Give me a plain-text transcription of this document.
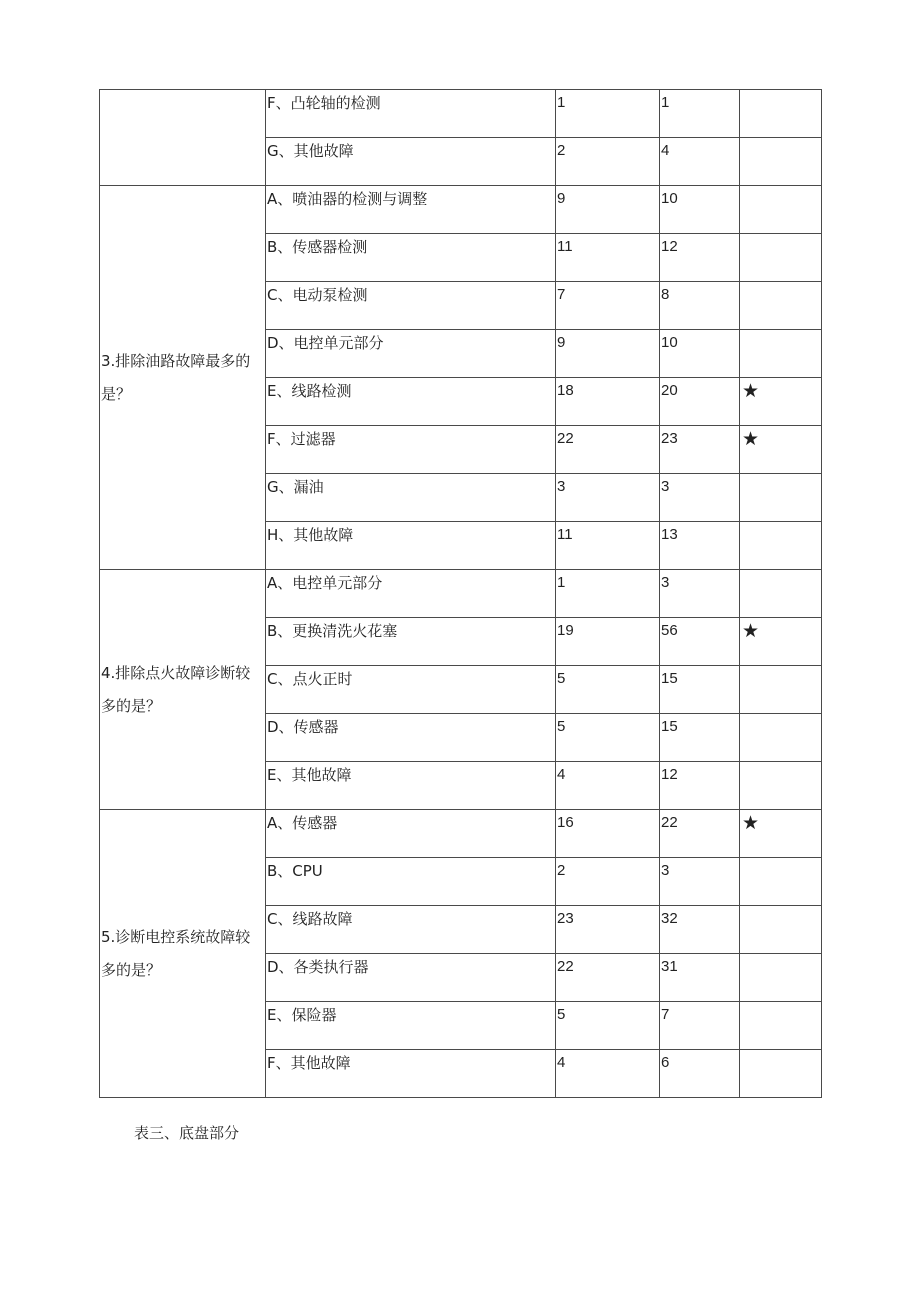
	F、凸轮轴的检测	1	1	
	G、其他故障	2	4	
3.排除油路故障最多的是？	A、喷油器的检测与调整	9	10	
	B、传感器检测	11	12	
	C、电动泵检测	7	8	
	D、电控单元部分	9	10	
	E、线路检测	18	20	★
	F、过滤器	22	23	★
	G、漏油	3	3	
	H、其他故障	11	13	
4.排除点火故障诊断较多的是？	A、电控单元部分	1	3	
	B、更换清洗火花塞	19	56	★
	C、点火正时	5	15	
	D、传感器	5	15	
	E、其他故障	4	12	
5.诊断电控系统故障较多的是？	A、传感器	16	22	★
	B、CPU	2	3	
	C、线路故障	23	32	
	D、各类执行器	22	31	
	E、保险器	5	7	
	F、其他故障	4	6	
表三、底盘部分
